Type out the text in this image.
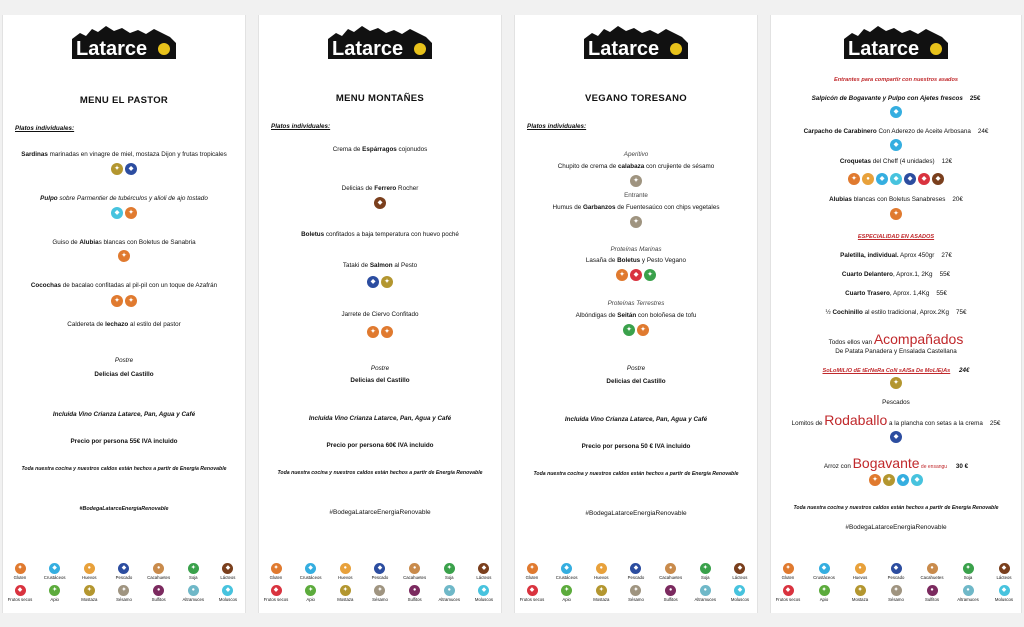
Latarce
MENU EL PASTOR
Platos individuales:
Sardinas marinadas en vinagre de miel, mostaza Dijon y frutas tropicales
✦	◆
Pulpo sobre Parmentier de tubérculos y alioli de ajo tostado
◆	✦
Guiso de Alubias blancas con Boletus de Sanabria
✦
Cocochas de bacalao confitadas al pil-pil con un toque de Azafrán
✦	✦
Caldereta de lechazo al estilo del pastor
Postre
Delicias del Castillo
Incluida Vino Crianza Latarce, Pan, Agua y Café
Precio por persona 55€ IVA incluido
Toda nuestra cocina y nuestros caldos están hechos a partir de Energía Renovable
#BodegaLatarceEnergiaRenovable
✦
Gluten
◆
Crustáceos
●
Huevos
◆
Pescado
●
Cacahuetes
✦
Soja
◆
Lácteos
◆
Frutos secos
✦
Apio
✦
Mostaza
✦
Sésamo
●
Sulfitos
●
Altramuces
◆
Moluscos
Latarce
MENU MONTAÑES
Platos individuales:
Crema de Espárragos cojonudos
Delicias de Ferrero Rocher
◆
Boletus confitados a baja temperatura con huevo poché
Tataki de Salmon al Pesto
◆	✦
Jarrete de Ciervo Confitado
✦	✦
Postre
Delicias del Castillo
Incluida Vino Crianza Latarce, Pan, Agua y Café
Precio por persona 60€ IVA incluido
Toda nuestra cocina y nuestros caldos están hechos a partir de Energía Renovable
#BodegaLatarceEnergiaRenovable
✦
Gluten
◆
Crustáceos
●
Huevos
◆
Pescado
●
Cacahuetes
✦
Soja
◆
Lácteos
◆
Frutos secos
✦
Apio
✦
Mostaza
✦
Sésamo
●
Sulfitos
●
Altramuces
◆
Moluscos
Latarce
VEGANO TORESANO
Platos individuales:
Aperitivo
Chupito de crema de calabaza con crujiente de sésamo
✦
Entrante
Humus de Garbanzos de Fuentesaúco con chips vegetales
✦
Proteínas Marinas
Lasaña de Boletus y Pesto Vegano
✦	◆	✦
Proteínas Terrestres
Albóndigas de Seitán con boloñesa de tofu
✦	✦
Postre
Delicias del Castillo
Incluida Vino Crianza Latarce, Pan, Agua y Café
Precio por persona 50 € IVA incluido
Toda nuestra cocina y nuestros caldos están hechos a partir de Energía Renovable
#BodegaLatarceEnergiaRenovable
✦
Gluten
◆
Crustáceos
●
Huevos
◆
Pescado
●
Cacahuetes
✦
Soja
◆
Lácteos
◆
Frutos secos
✦
Apio
✦
Mostaza
✦
Sésamo
●
Sulfitos
●
Altramuces
◆
Moluscos
Latarce
Entrantes para compartir con nuestros asados
Salpicón de Bogavante y Pulpo con Ajetes frescos 25€
◆
Carpacho de Carabinero Con Aderezo de Aceite Arbosana 24€
◆
Croquetas del Cheff (4 unidades) 12€
✦	●	◆	◆	◆	◆	◆
Alubias blancas con Boletus Sanabreses 20€
✦
ESPECIALIDAD EN ASADOS
Paletilla, individual. Aprox 450gr 27€
Cuarto Delantero, Aprox.1, 2Kg 55€
Cuarto Trasero, Aprox. 1,4Kg 55€
½ Cochinillo al estilo tradicional, Aprox.2Kg 75€
Todos ellos van Acompañados
De Patata Panadera y Ensalada Castellana
SoLoMiLlO dE tErNeRa CoN sAlSa De MoLlEjAs 24€
✦
Pescados
Lomitos de Rodaballo a la plancha con setas a la crema 25€
◆
Arroz con Bogavante de ensangu 30 €
✦	✦	◆	◆
Toda nuestra cocina y nuestros caldos están hechos a partir de Energía Renovable
#BodegaLatarceEnergiaRenovable
✦
Gluten
◆
Crustáceos
●
Huevos
◆
Pescado
●
Cacahuetes
✦
Soja
◆
Lácteos
◆
Frutos secos
✦
Apio
✦
Mostaza
✦
Sésamo
●
Sulfitos
●
Altramuces
◆
Moluscos
